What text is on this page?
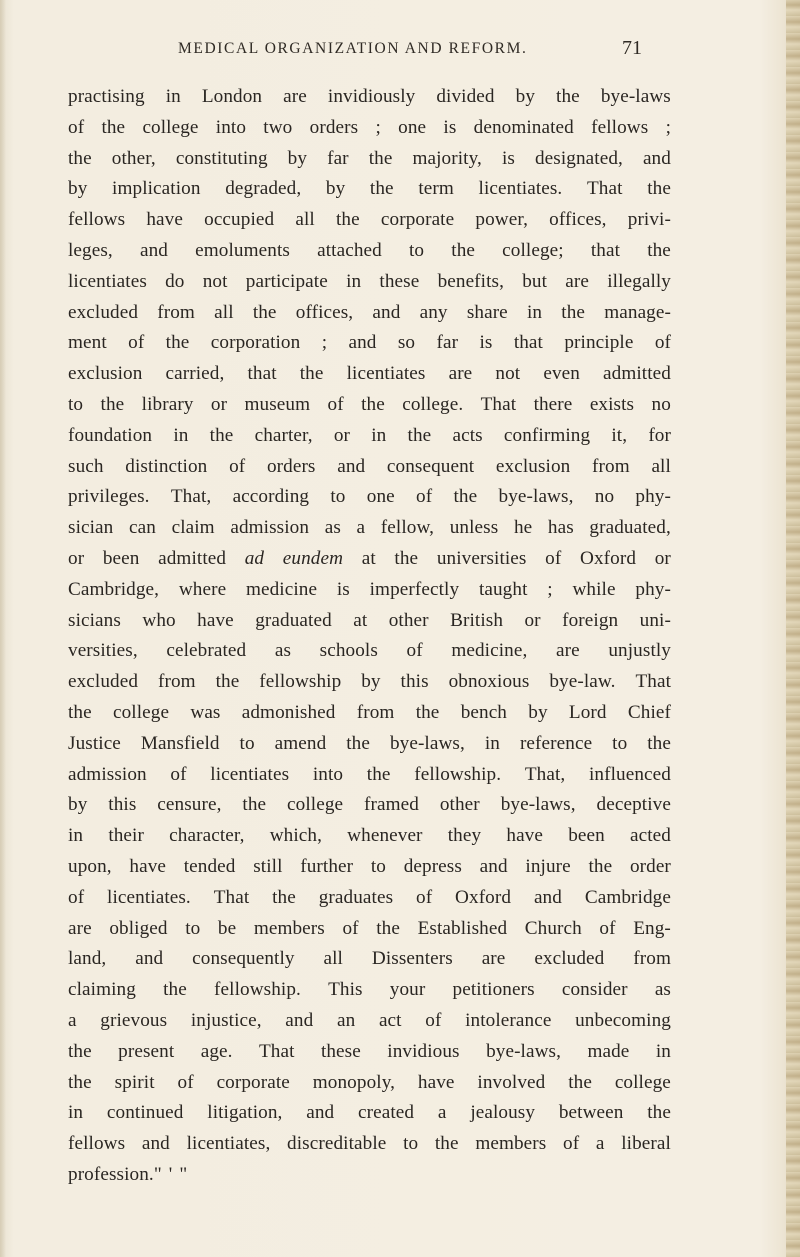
MEDICAL ORGANIZATION AND REFORM.	71
practising in London are invidiously divided by the bye-laws
of the college into two orders ; one is denominated fellows ;
the other, constituting by far the majority, is designated, and
by implication degraded, by the term licentiates. That the
fellows have occupied all the corporate power, offices, privi-
leges, and emoluments attached to the college; that the
licentiates do not participate in these benefits, but are illegally
excluded from all the offices, and any share in the manage-
ment of the corporation ; and so far is that principle of
exclusion carried, that the licentiates are not even admitted
to the library or museum of the college. That there exists no
foundation in the charter, or in the acts confirming it, for
such distinction of orders and consequent exclusion from all
privileges. That, according to one of the bye-laws, no phy-
sician can claim admission as a fellow, unless he has graduated,
or been admitted ad eundem at the universities of Oxford or
Cambridge, where medicine is imperfectly taught ; while phy-
sicians who have graduated at other British or foreign uni-
versities, celebrated as schools of medicine, are unjustly
excluded from the fellowship by this obnoxious bye-law. That
the college was admonished from the bench by Lord Chief
Justice Mansfield to amend the bye-laws, in reference to the
admission of licentiates into the fellowship. That, influenced
by this censure, the college framed other bye-laws, deceptive
in their character, which, whenever they have been acted
upon, have tended still further to depress and injure the order
of licentiates. That the graduates of Oxford and Cambridge
are obliged to be members of the Established Church of Eng-
land, and consequently all Dissenters are excluded from
claiming the fellowship. This your petitioners consider as
a grievous injustice, and an act of intolerance unbecoming
the present age. That these invidious bye-laws, made in
the spirit of corporate monopoly, have involved the college
in continued litigation, and created a jealousy between the
fellows and licentiates, discreditable to the members of a liberal
profession." ' "
